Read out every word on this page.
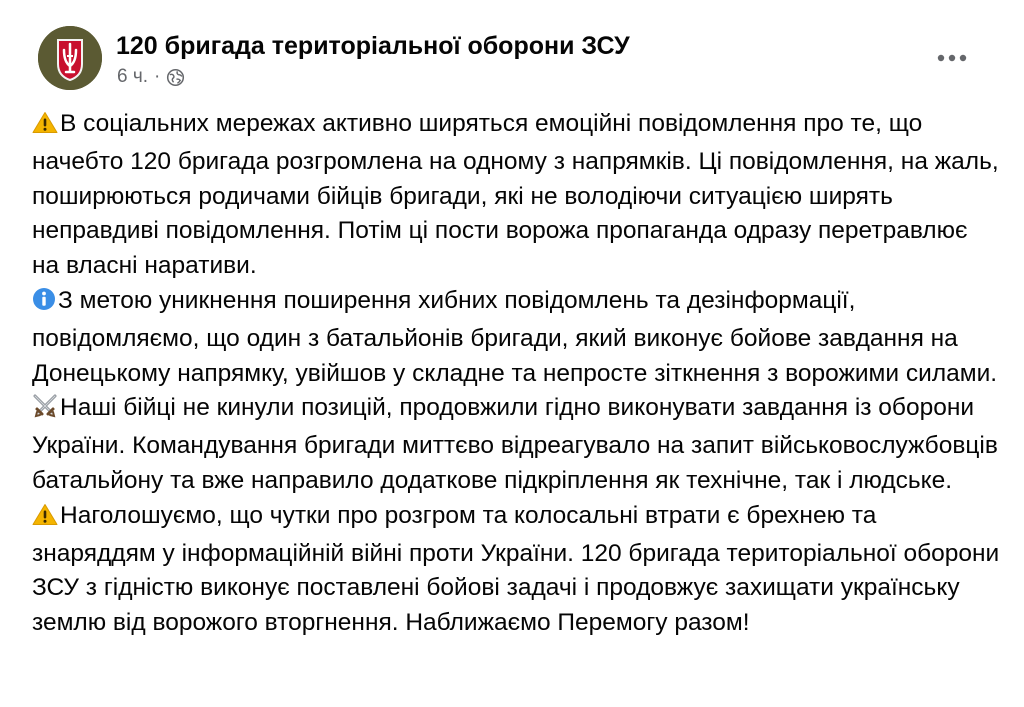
120 бригада територіальної оборони ЗСУ
6 ч. ·

В соціальних мережах активно ширяться емоційні повідомлення про те, що начебто 120 бригада розгромлена на одному з напрямків. Ці повідомлення, на жаль, поширюються родичами бійців бригади, які не володіючи ситуацією ширять неправдиві повідомлення. Потім ці пости ворожа пропаганда одразу перетравлює на власні наративи.

З метою уникнення поширення хибних повідомлень та дезінформації, повідомляємо, що один з батальйонів бригади, який виконує бойове завдання на Донецькому напрямку, увійшов у складне та непросте зіткнення з ворожими силами. Наші бійці не кинули позицій, продовжили гідно виконувати завдання із оборони України. Командування бригади миттєво відреагувало на запит військовослужбовців батальйону та вже направило додаткове підкріплення як технічне, так і людське.

Наголошуємо, що чутки про розгром та колосальні втрати є брехнею та знаряддям у інформаційній війні проти України. 120 бригада територіальної оборони ЗСУ з гідністю виконує поставлені бойові задачі і продовжує захищати українську землю від ворожого вторгнення. Наближаємо Перемогу разом!
